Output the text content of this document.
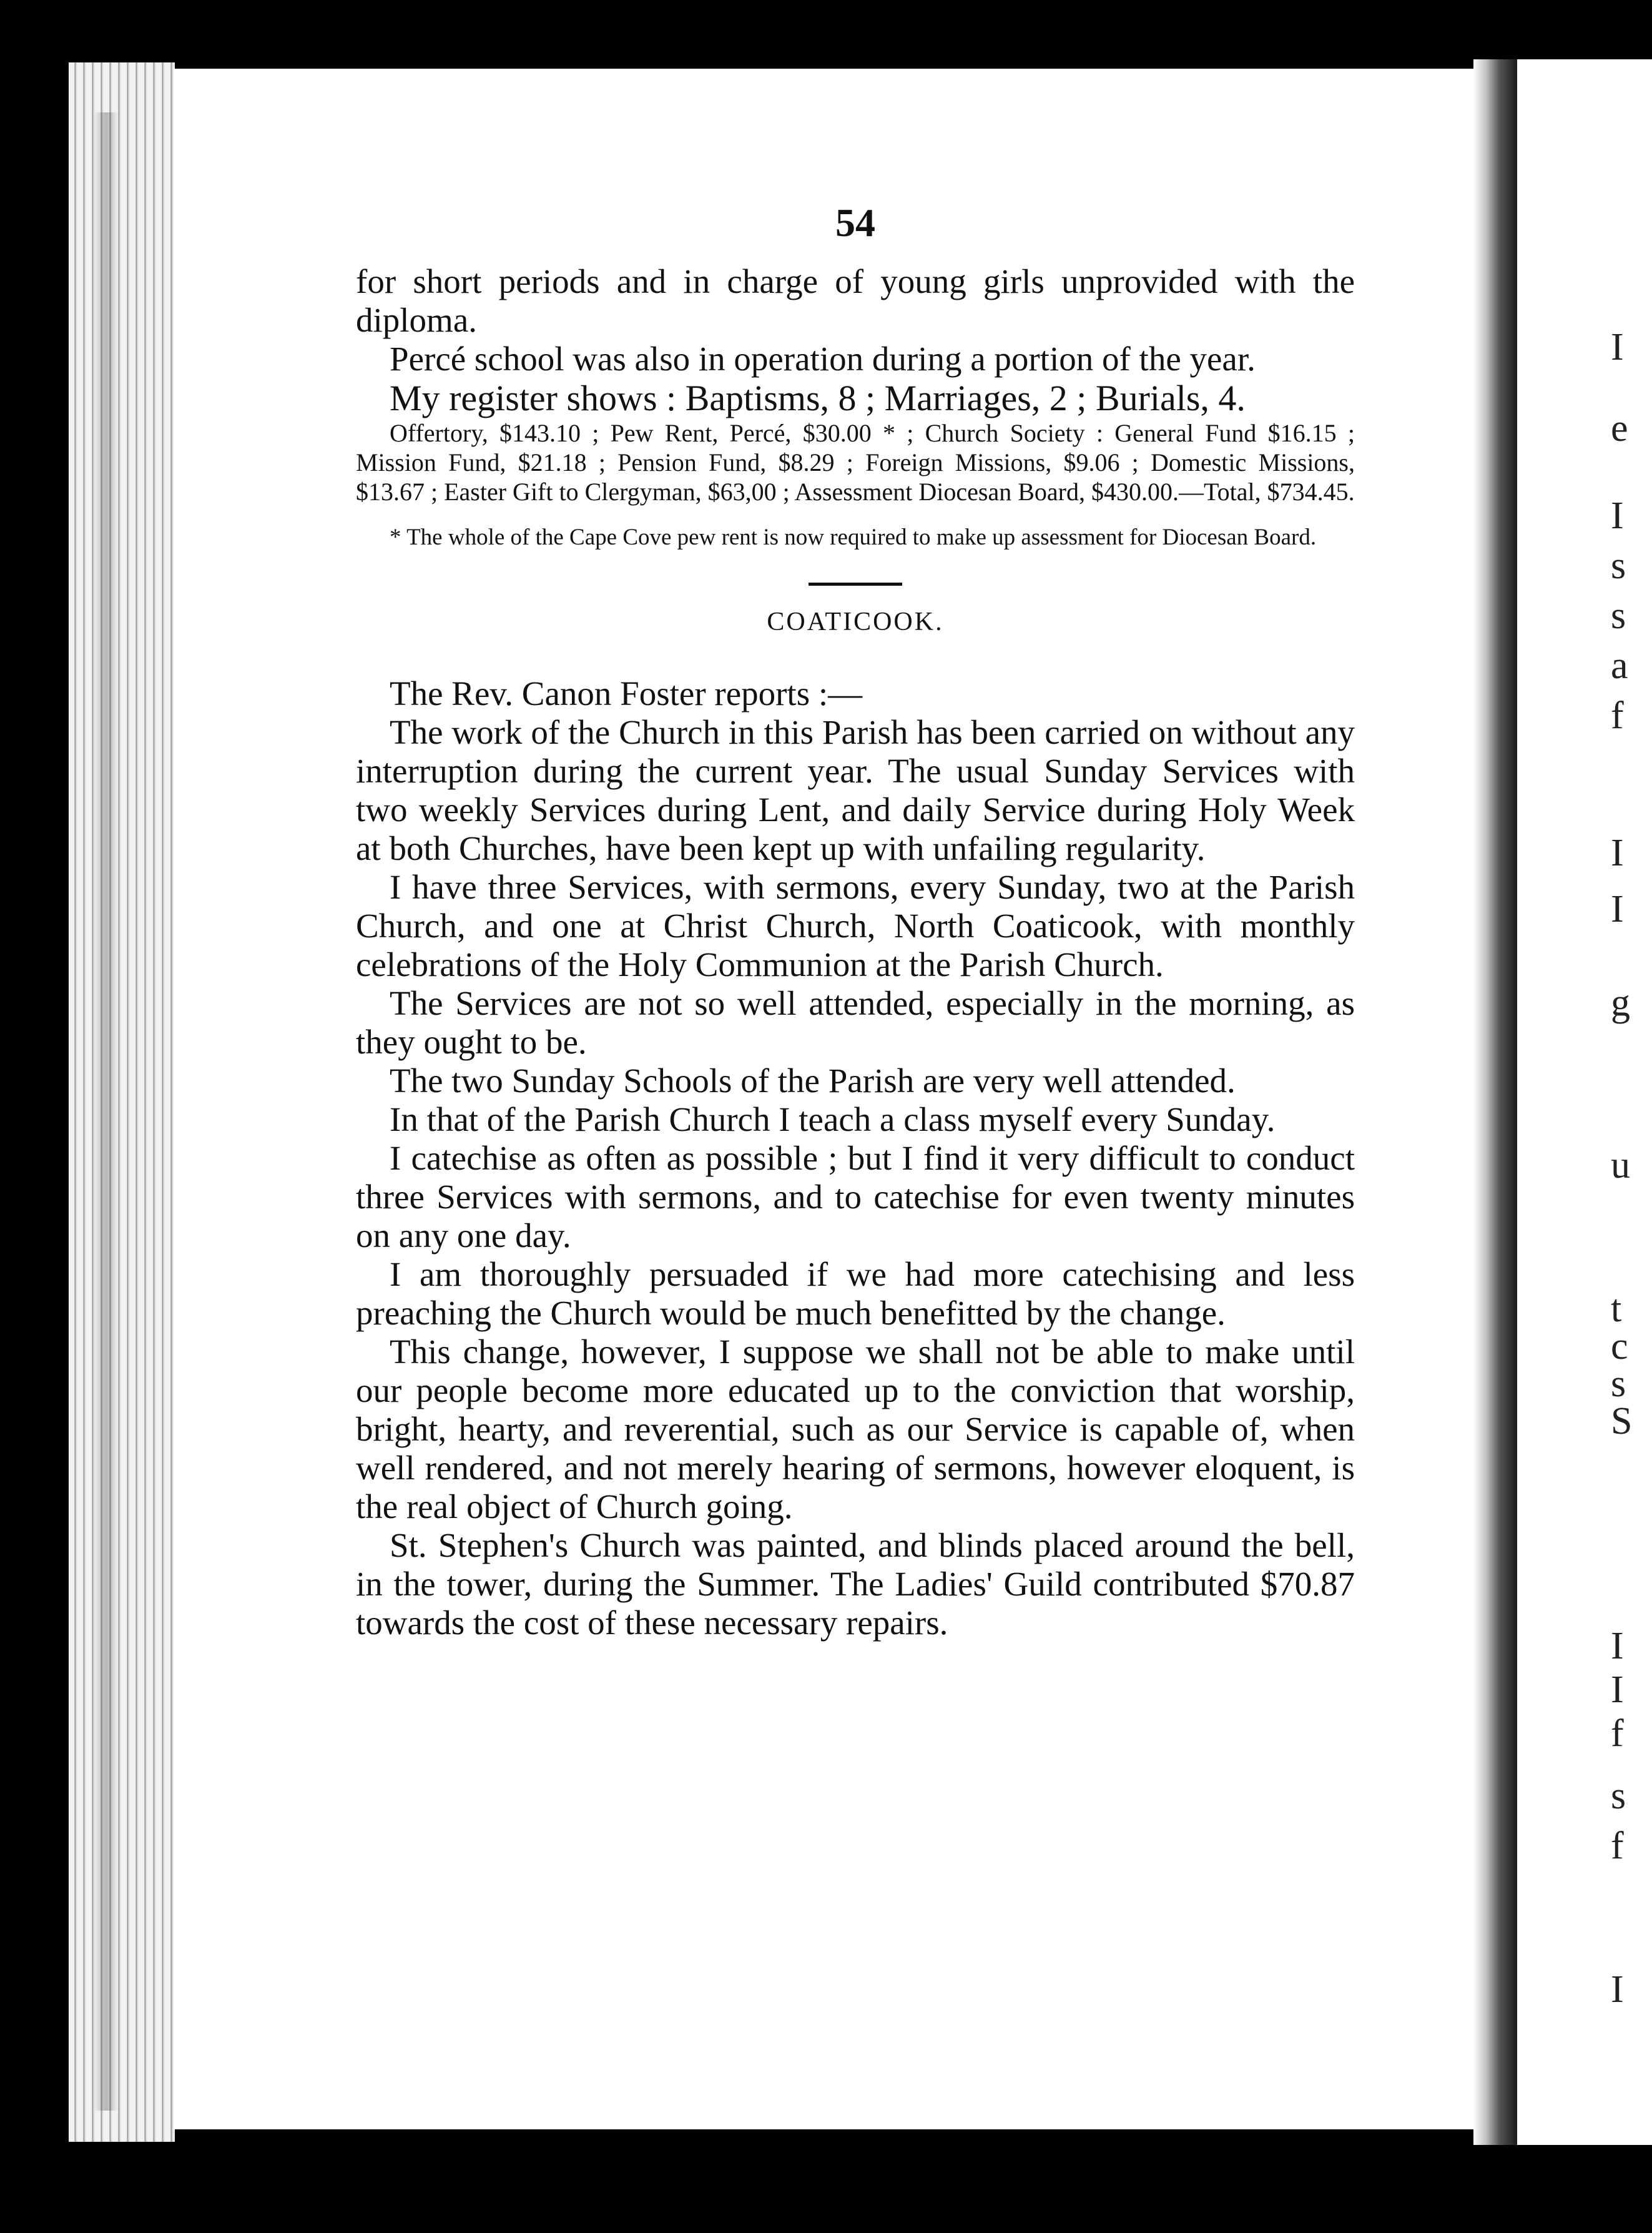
I
e
I
s
s
a
f
I
I
g
u
t
c
s
S
I
I
f
s
f
I
54

for short periods and in charge of young girls unprovided with the diploma.

Percé school was also in operation during a portion of the year.

My register shows : Baptisms, 8 ; Marriages, 2 ; Burials, 4.

Offertory, $143.10 ; Pew Rent, Percé, $30.00 * ; Church Society : General Fund $16.15 ; Mission Fund, $21.18 ; Pension Fund, $8.29 ; Foreign Missions, $9.06 ; Domestic Missions, $13.67 ; Easter Gift to Clergyman, $63,00 ; Assessment Diocesan Board, $430.00.—Total, $734.45.

* The whole of the Cape Cove pew rent is now required to make up assessment for Diocesan Board.

COATICOOK.

The Rev. Canon Foster reports :—

The work of the Church in this Parish has been carried on without any interruption during the current year. The usual Sunday Services with two weekly Services during Lent, and daily Service during Holy Week at both Churches, have been kept up with unfailing regularity.

I have three Services, with sermons, every Sunday, two at the Parish Church, and one at Christ Church, North Coaticook, with monthly celebrations of the Holy Communion at the Parish Church.

The Services are not so well attended, especially in the morning, as they ought to be.

The two Sunday Schools of the Parish are very well attended.

In that of the Parish Church I teach a class myself every Sunday.

I catechise as often as possible ; but I find it very difficult to conduct three Services with sermons, and to catechise for even twenty minutes on any one day.

I am thoroughly persuaded if we had more catechising and less preaching the Church would be much benefitted by the change.

This change, however, I suppose we shall not be able to make until our people become more educated up to the conviction that worship, bright, hearty, and reverential, such as our Service is capable of, when well rendered, and not merely hearing of sermons, however eloquent, is the real object of Church going.

St. Stephen's Church was painted, and blinds placed around the bell, in the tower, during the Summer. The Ladies' Guild contributed $70.87 towards the cost of these necessary repairs.
